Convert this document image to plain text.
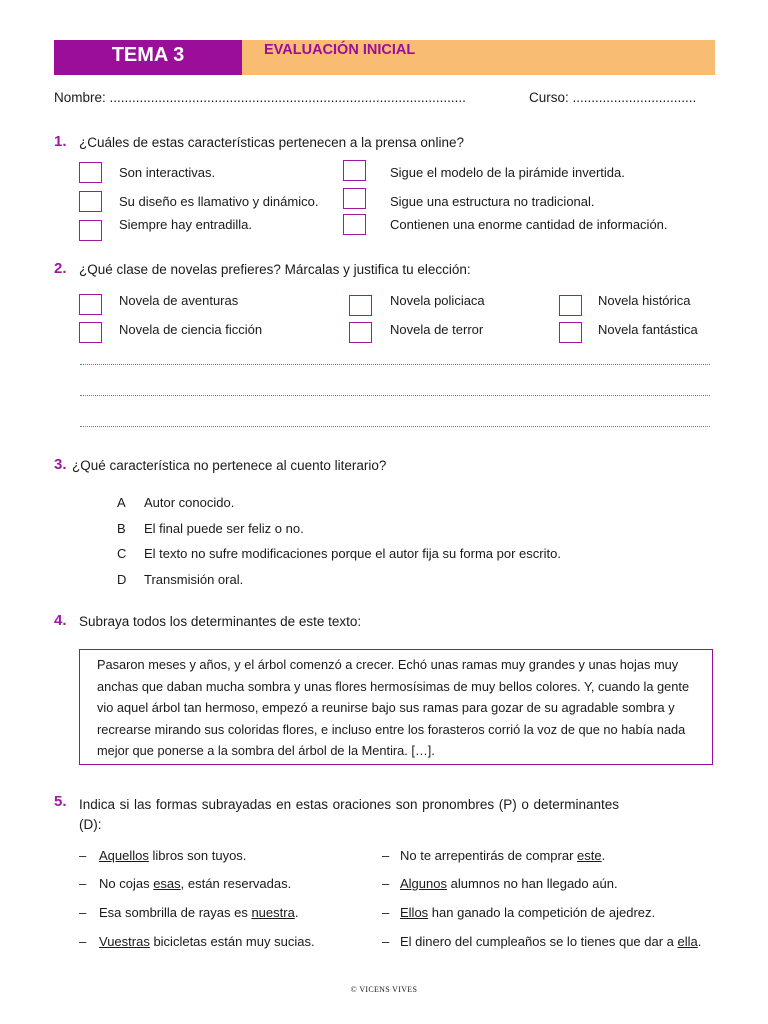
TEMA 3	EVALUACIÓN INICIAL
Nombre: ...............................................................................................	Curso: .................................
1. ¿Cuáles de estas características pertenecen a la prensa online?
Son interactivas.	Sigue el modelo de la pirámide invertida.
Su diseño es llamativo y dinámico.	Sigue una estructura no tradicional.
Siempre hay entradilla.	Contienen una enorme cantidad de información.
2. ¿Qué clase de novelas prefieres? Márcalas y justifica tu elección:
Novela de aventuras	Novela policiaca	Novela histórica
Novela de ciencia ficción	Novela de terror	Novela fantástica
3. ¿Qué característica no pertenece al cuento literario?
A Autor conocido.
B El final puede ser feliz o no.
C El texto no sufre modificaciones porque el autor fija su forma por escrito.
D Transmisión oral.
4. Subraya todos los determinantes de este texto:

Pasaron meses y años, y el árbol comenzó a crecer. Echó unas ramas muy grandes y unas hojas muy anchas que daban mucha sombra y unas flores hermosísimas de muy bellos colores. Y, cuando la gente vio aquel árbol tan hermoso, empezó a reunirse bajo sus ramas para gozar de su agradable sombra y recrearse mirando sus coloridas flores, e incluso entre los forasteros corrió la voz de que no había nada mejor que ponerse a la sombra del árbol de la Mentira. […].

5. Indica si las formas subrayadas en estas oraciones son pronombres (P) o determinantes (D):
– Aquellos libros son tuyos.	– No te arrepentirás de comprar este.
– No cojas esas, están reservadas.	– Algunos alumnos no han llegado aún.
– Esa sombrilla de rayas es nuestra.	– Ellos han ganado la competición de ajedrez.
– Vuestras bicicletas están muy sucias.	– El dinero del cumpleaños se lo tienes que dar a ella.
© VICENS VIVES
